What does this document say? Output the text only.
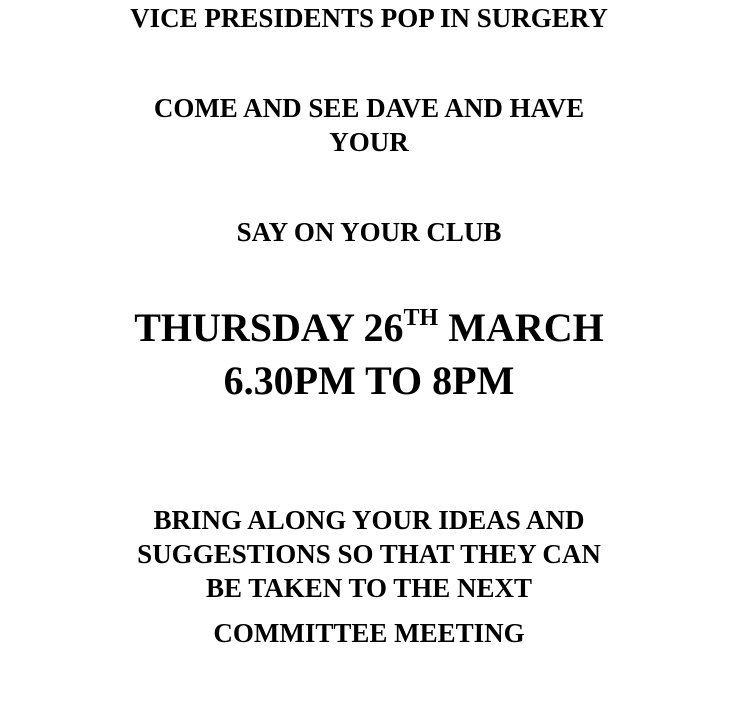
VICE PRESIDENTS POP IN SURGERY

COME AND SEE DAVE AND HAVE

YOUR

SAY ON YOUR CLUB

THURSDAY 26TH MARCH

6.30PM TO 8PM

BRING ALONG YOUR IDEAS AND

SUGGESTIONS SO THAT THEY CAN

BE TAKEN TO THE NEXT

COMMITTEE MEETING
